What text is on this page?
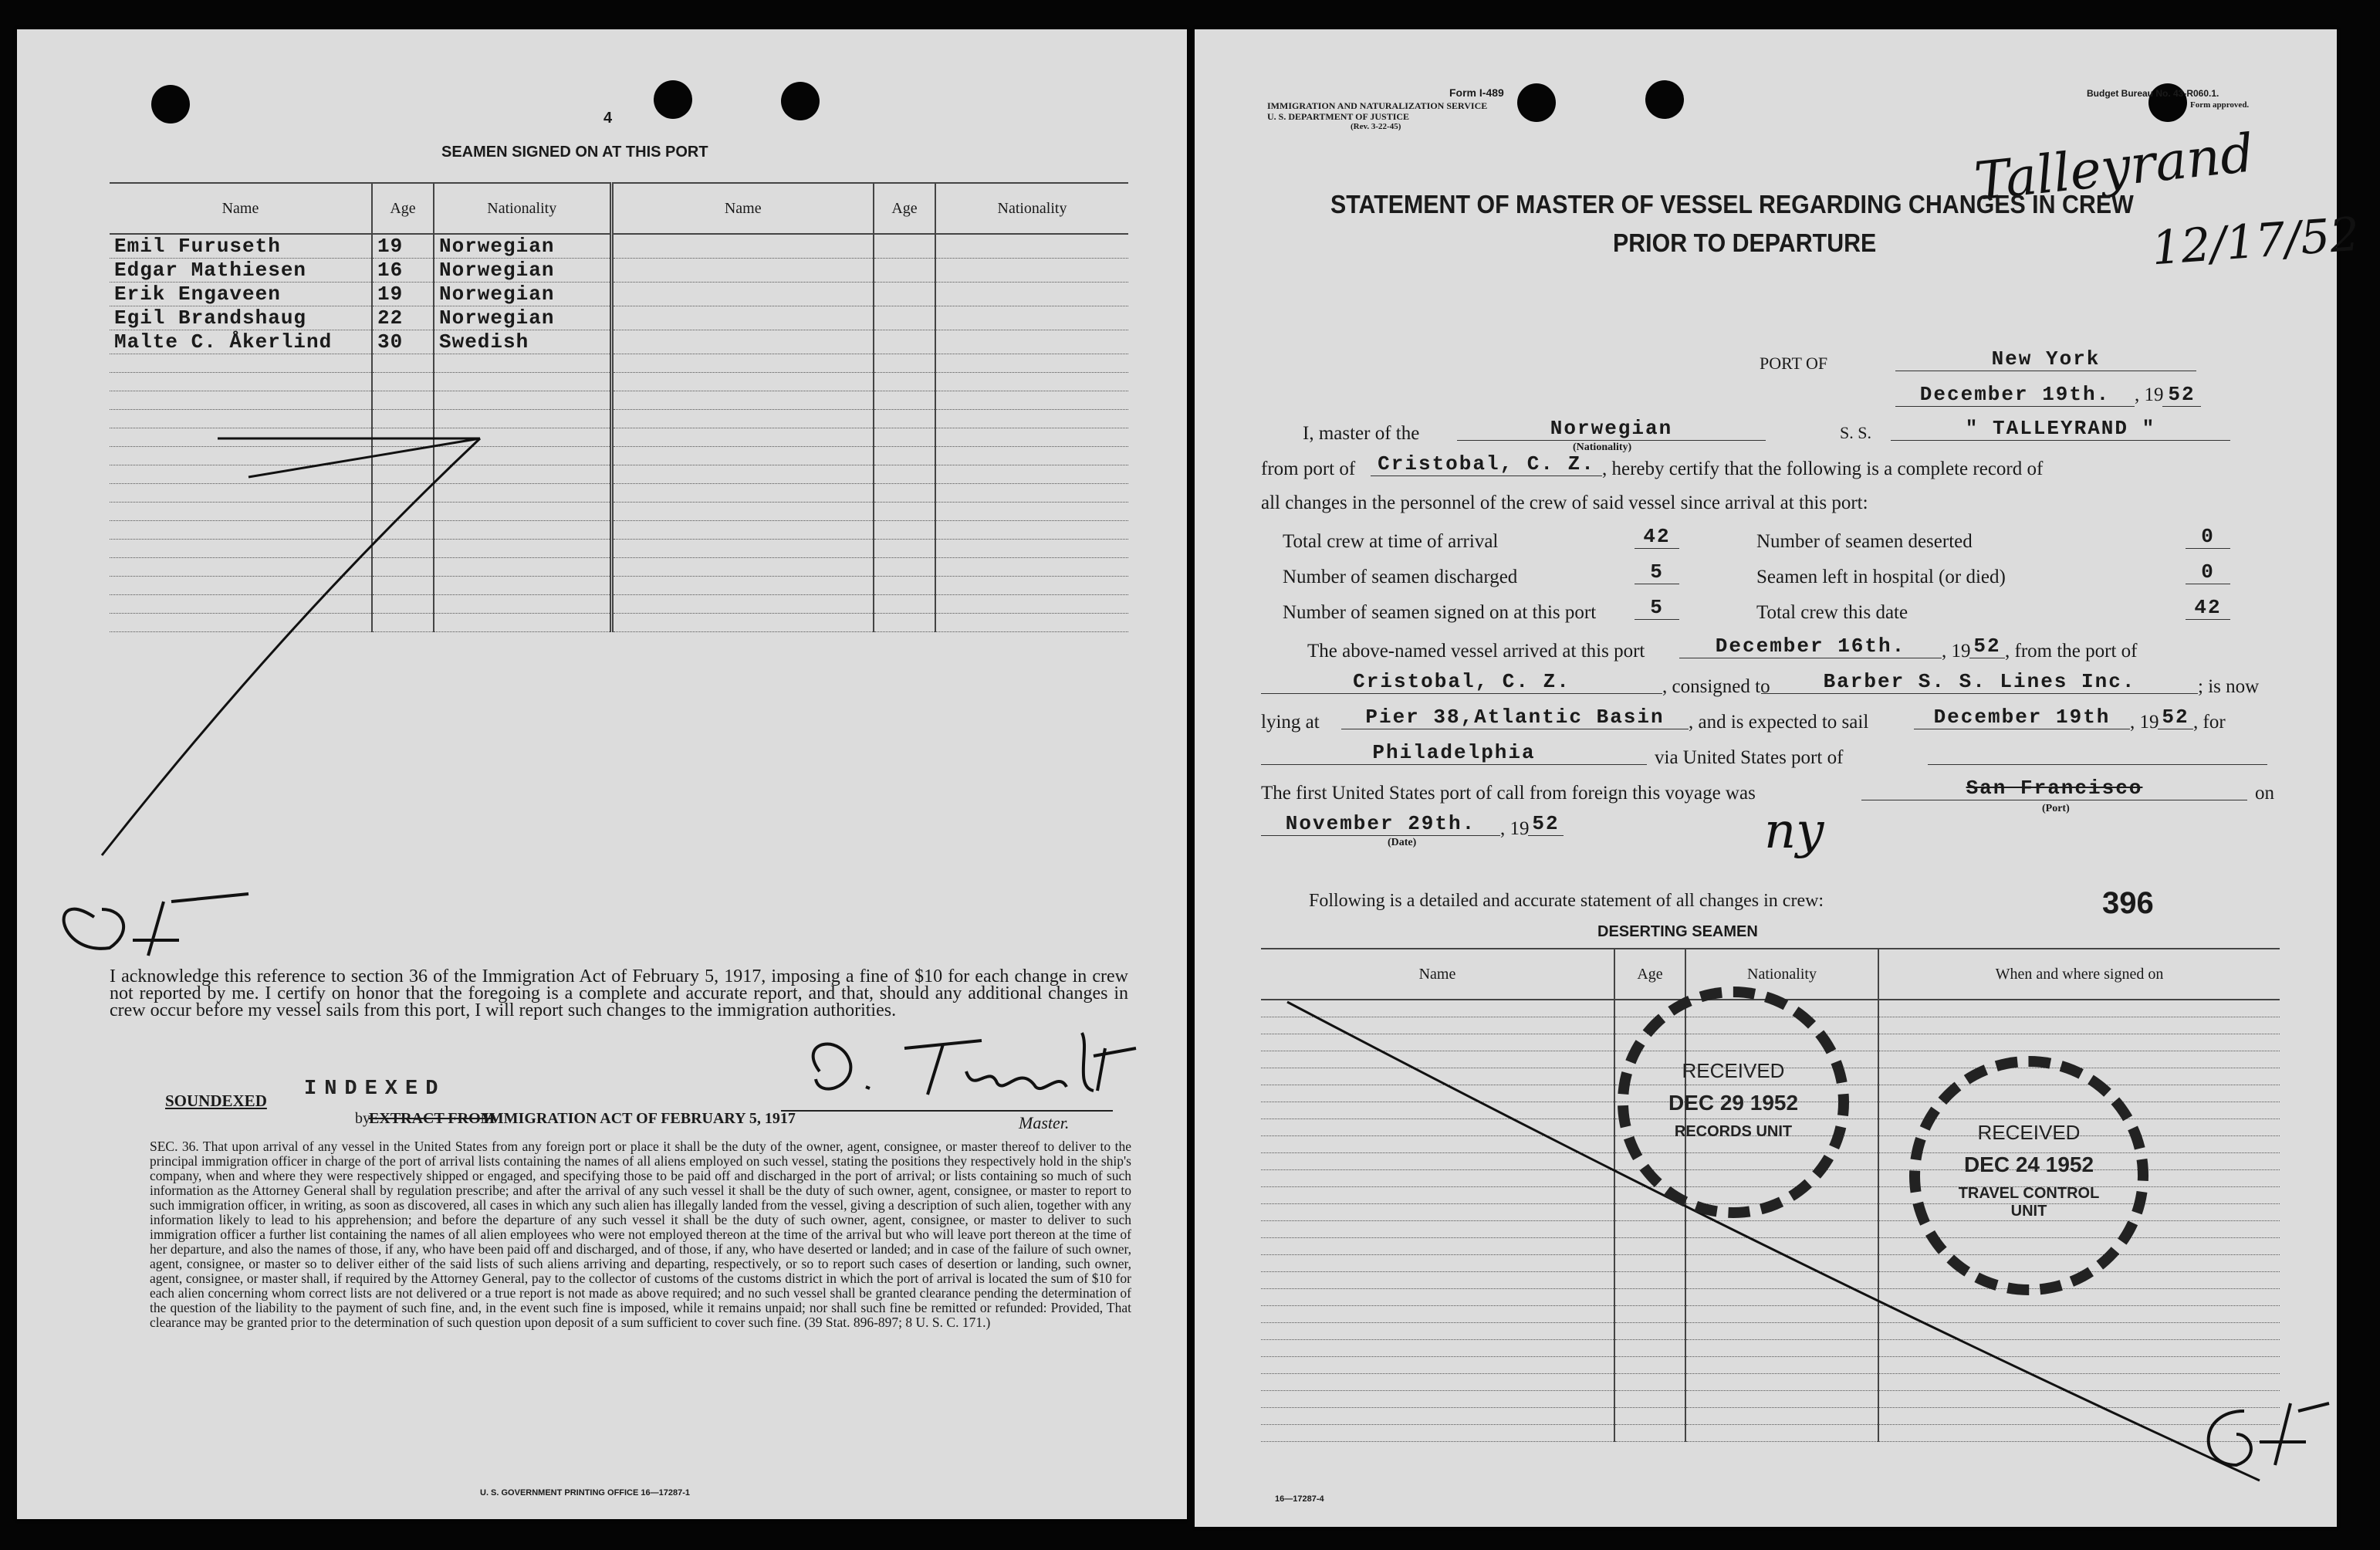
4
SEAMEN SIGNED ON AT THIS PORT
Name	Age	Nationality	Name	Age	Nationality
Emil Furuseth	19	Norwegian			
Edgar Mathiesen	16	Norwegian			
Erik Engaveen	19	Norwegian			
Egil Brandshaug	22	Norwegian			
Malte C. Åkerlind	30	Swedish			

I acknowledge this reference to section 36 of the Immigration Act of February 5, 1917, imposing a fine of $10 for each change in crew not reported by me. I certify on honor that the foregoing is a complete and accurate report, and that, should any additional changes in crew occur before my vessel sails from this port, I will report such changes to the immigration authorities.
SOUNDEXED INDEXED
by
EXTRACT FROM
IMMIGRATION ACT OF FEBRUARY 5, 1917	Master.
SEC. 36. That upon arrival of any vessel in the United States from any foreign port or place it shall be the duty of the owner, agent, consignee, or master thereof to deliver to the principal immigration officer in charge of the port of arrival lists containing the names of all aliens employed on such vessel, stating the positions they respectively hold in the ship's company, when and where they were respectively shipped or engaged, and specifying those to be paid off and discharged in the port of arrival; or lists containing so much of such information as the Attorney General shall by regulation prescribe; and after the arrival of any such vessel it shall be the duty of such owner, agent, consignee, or master to report to such immigration officer, in writing, as soon as discovered, all cases in which any such alien has illegally landed from the vessel, giving a description of such alien, together with any information likely to lead to his apprehension; and before the departure of any such vessel it shall be the duty of such owner, agent, consignee, or master to deliver to such immigration officer a further list containing the names of all alien employees who were not employed thereon at the time of the arrival but who will leave port thereon at the time of her departure, and also the names of those, if any, who have been paid off and discharged, and of those, if any, who have deserted or landed; and in case of the failure of such owner, agent, consignee, or master so to deliver either of the said lists of such aliens arriving and departing, respectively, or so to report such cases of desertion or landing, such owner, agent, consignee, or master shall, if required by the Attorney General, pay to the collector of customs of the customs district in which the port of arrival is located the sum of $10 for each alien concerning whom correct lists are not delivered or a true report is not made as above required; and no such vessel shall be granted clearance pending the determination of the question of the liability to the payment of such fine, and, in the event such fine is imposed, while it remains unpaid; nor shall such fine be remitted or refunded: Provided, That clearance may be granted prior to the determination of such question upon deposit of a sum sufficient to cover such fine. (39 Stat. 896-897; 8 U. S. C. 171.)
U. S. GOVERNMENT PRINTING OFFICE 16—17287-1
Form I-489
IMMIGRATION AND NATURALIZATION SERVICE
U. S. DEPARTMENT OF JUSTICE
(Rev. 3-22-45)
Budget Bureau No. 43-R060.1.
Form approved.
Talleyrand
12/17/52
STATEMENT OF MASTER OF VESSEL REGARDING CHANGES IN CREW
PRIOR TO DEPARTURE
PORT OF	New York
December 19th.	, 19 52
I, master of the	Norwegian
(Nationality)
S. S.	" TALLEYRAND "
from port of	Cristobal, C. Z. , hereby certify that the following is a complete record of
all changes in the personnel of the crew of said vessel since arrival at this port:
Total crew at time of arrival	42	Number of seamen deserted	0
Number of seamen discharged	5	Seamen left in hospital (or died)	0
Number of seamen signed on at this port	5	Total crew this date	42
The above-named vessel arrived at this port	December 16th.	, 19 52 , from the port of
Cristobal, C. Z.	, consigned to	Barber S. S. Lines Inc.	; is now
lying at	Pier 38,Atlantic Basin	, and is expected to sail	December 19th	, 19 52 , for
Philadelphia	via United States port of
The first United States port of call from foreign this voyage was	San Francisco	on
(Port)
November 29th.	, 19 52
(Date)	ny
Following is a detailed and accurate statement of all changes in crew:	396
DESERTING SEAMEN
Name	Age	Nationality	When and where signed on

RECEIVED
DEC 29 1952
RECORDS UNIT	RECEIVED
DEC 24 1952
TRAVEL CONTROL
UNIT
16—17287-4
